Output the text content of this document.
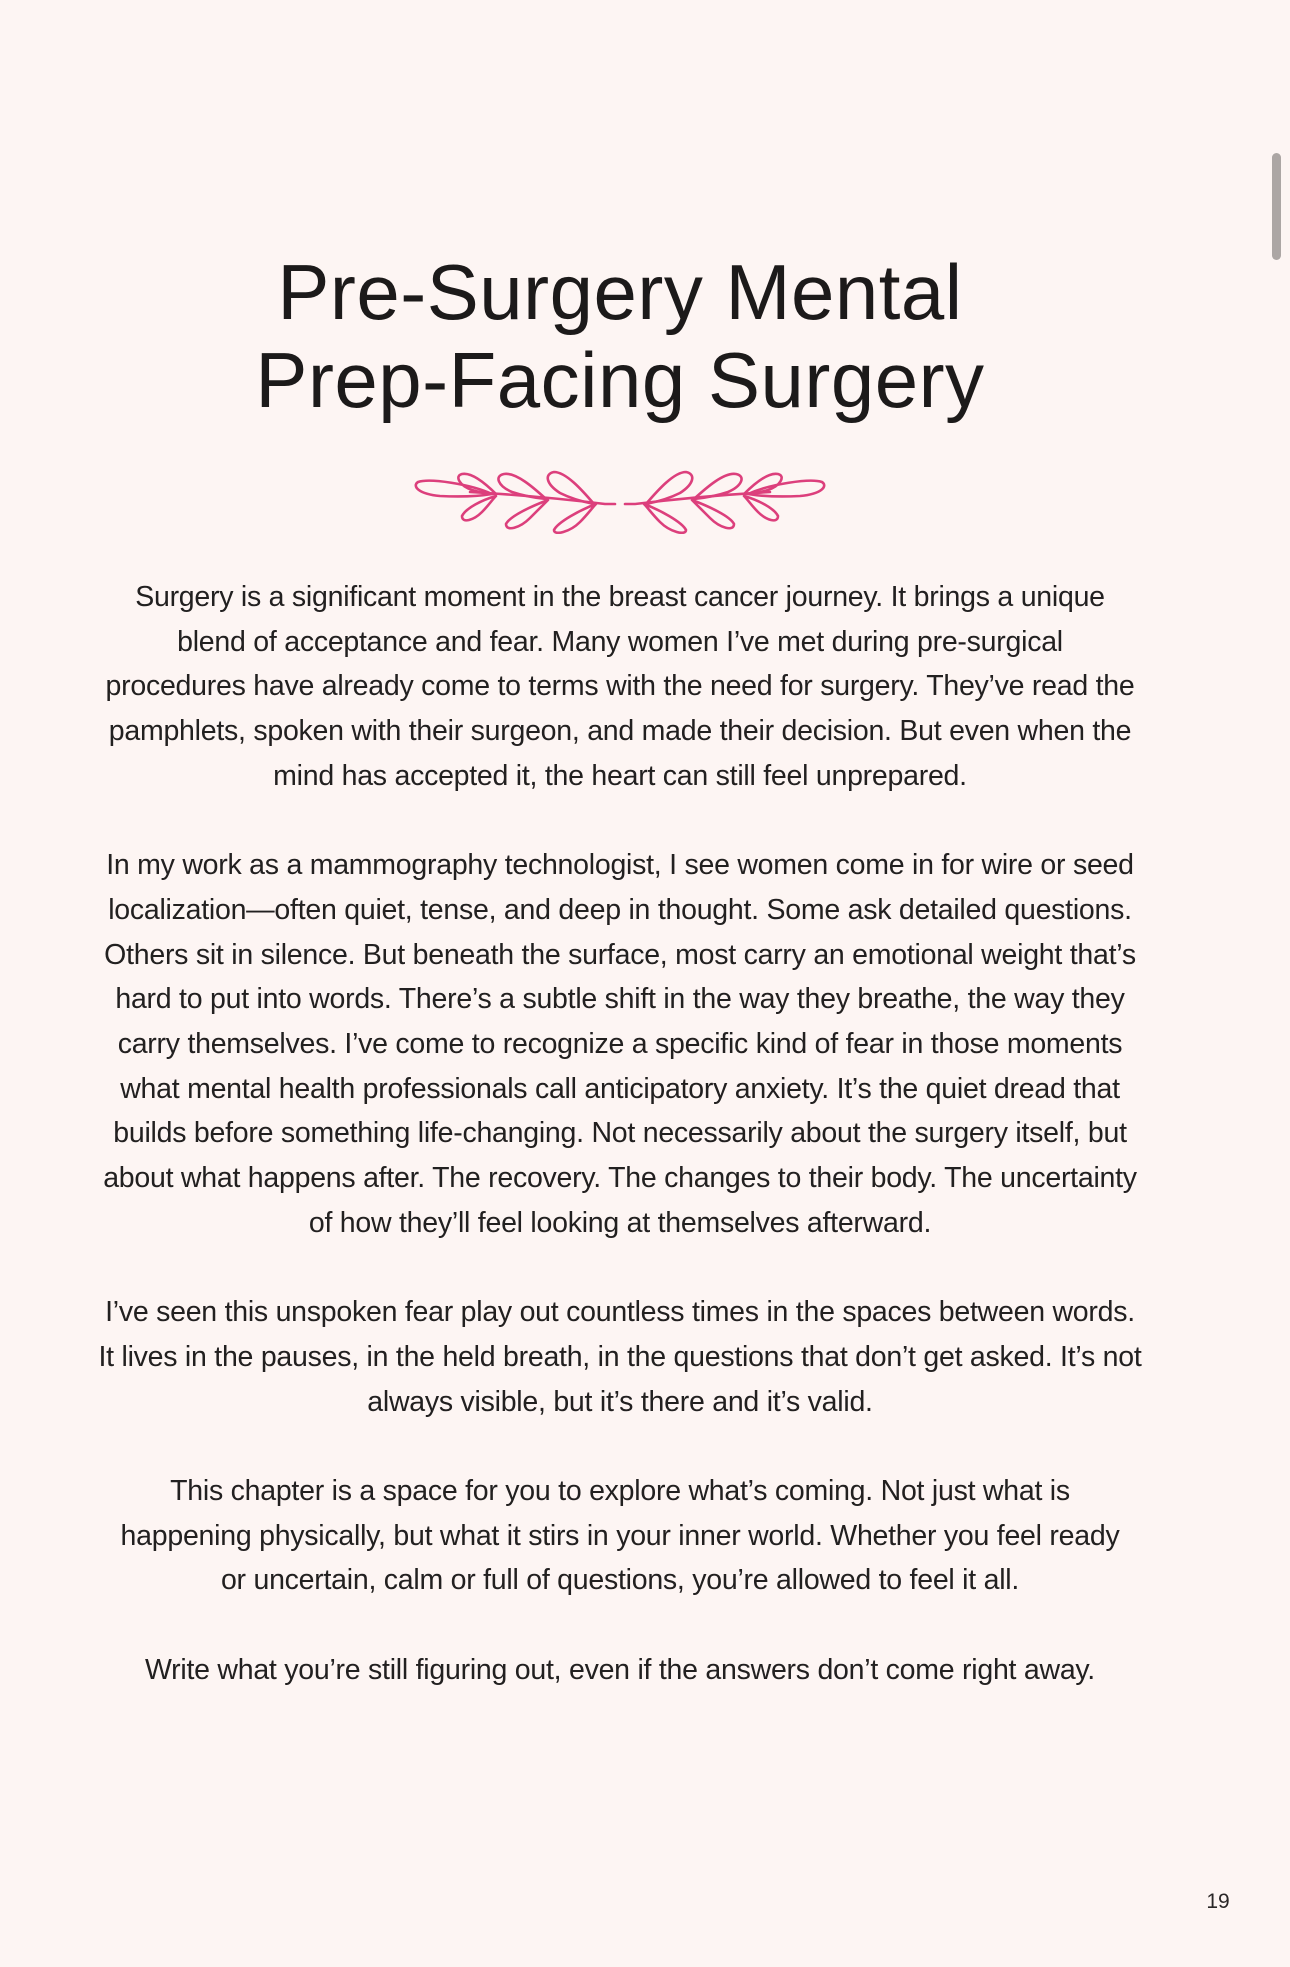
Pre-Surgery Mental
Prep-Facing Surgery

Surgery is a significant moment in the breast cancer journey. It brings a unique
blend of acceptance and fear. Many women I’ve met during pre-surgical
procedures have already come to terms with the need for surgery. They’ve read the
pamphlets, spoken with their surgeon, and made their decision. But even when the
mind has accepted it, the heart can still feel unprepared.

In my work as a mammography technologist, I see women come in for wire or seed
localization—often quiet, tense, and deep in thought. Some ask detailed questions.
Others sit in silence. But beneath the surface, most carry an emotional weight that’s
hard to put into words. There’s a subtle shift in the way they breathe, the way they
carry themselves. I’ve come to recognize a specific kind of fear in those moments
what mental health professionals call anticipatory anxiety. It’s the quiet dread that
builds before something life-changing. Not necessarily about the surgery itself, but
about what happens after. The recovery. The changes to their body. The uncertainty
of how they’ll feel looking at themselves afterward.

I’ve seen this unspoken fear play out countless times in the spaces between words.
It lives in the pauses, in the held breath, in the questions that don’t get asked. It’s not
always visible, but it’s there and it’s valid.

This chapter is a space for you to explore what’s coming. Not just what is
happening physically, but what it stirs in your inner world. Whether you feel ready
or uncertain, calm or full of questions, you’re allowed to feel it all.

Write what you’re still figuring out, even if the answers don’t come right away.

19
